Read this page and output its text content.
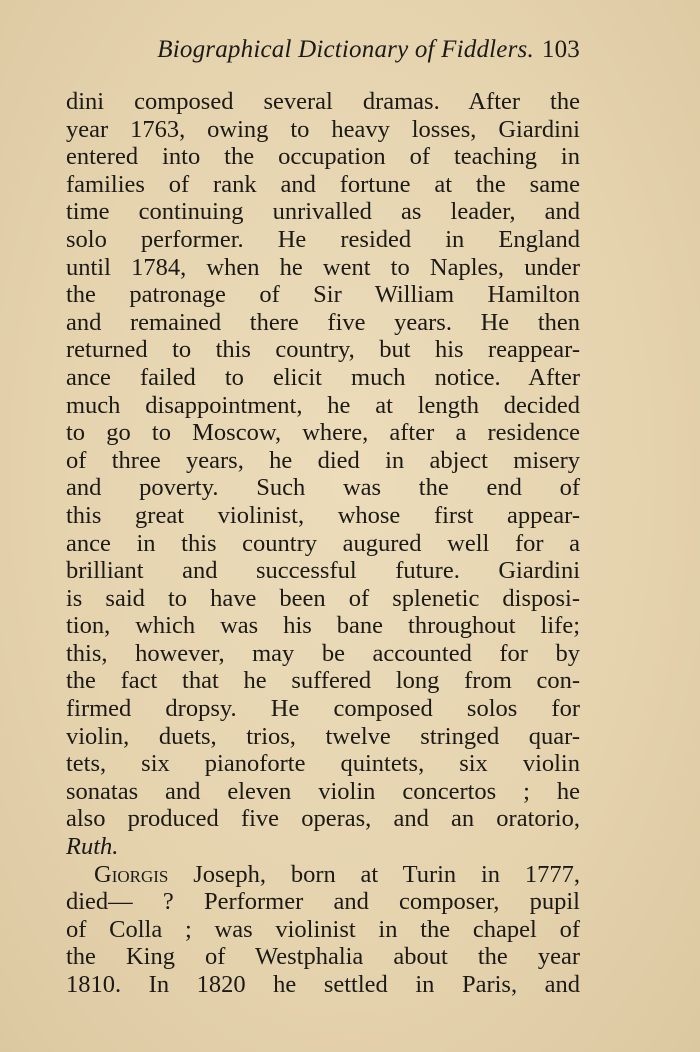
Biographical Dictionary of Fiddlers. 103
dini composed several dramas. After the
year 1763, owing to heavy losses, Giardini
entered into the occupation of teaching in
families of rank and fortune at the same
time continuing unrivalled as leader, and
solo performer. He resided in England
until 1784, when he went to Naples, under
the patronage of Sir William Hamilton
and remained there five years. He then
returned to this country, but his reappear-
ance failed to elicit much notice. After
much disappointment, he at length decided
to go to Moscow, where, after a residence
of three years, he died in abject misery
and poverty. Such was the end of
this great violinist, whose first appear-
ance in this country augured well for a
brilliant and successful future. Giardini
is said to have been of splenetic disposi-
tion, which was his bane throughout life;
this, however, may be accounted for by
the fact that he suffered long from con-
firmed dropsy. He composed solos for
violin, duets, trios, twelve stringed quar-
tets, six pianoforte quintets, six violin
sonatas and eleven violin concertos ; he
also produced five operas, and an oratorio,
Ruth.
Giorgis Joseph, born at Turin in 1777,
died— ? Performer and composer, pupil
of Colla ; was violinist in the chapel of
the King of Westphalia about the year
1810. In 1820 he settled in Paris, and
